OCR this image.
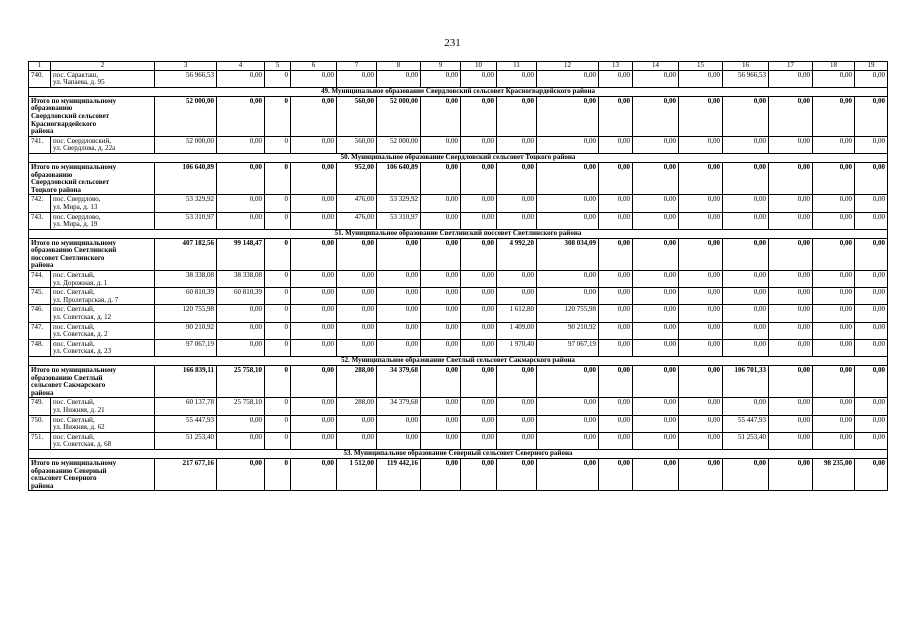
231
1	2	3	4	5	6	7	8	9	10	11	12	13	14	15	16	17	18	19
740.	пос. Саракташ,
ул. Чапаева, д. 95	56 966,53	0,00	0	0,00	0,00	0,00	0,00	0,00	0,00	0,00	0,00	0,00	0,00	56 966,53	0,00	0,00	0,00
49. Муниципальное образование Свердловский сельсовет Красногвардейского района																		

Итого по муниципальному
образованию
Свердловский сельсовет
Красногвардейского
района		52 000,00	0,00	0	0,00	560,00	52 000,00	0,00	0,00	0,00	0,00	0,00	0,00	0,00	0,00	0,00	0,00	0,00
741.	пос. Свердловский,
ул. Свердлова, д. 22а	52 000,00	0,00	0	0,00	560,00	52 000,00	0,00	0,00	0,00	0,00	0,00	0,00	0,00	0,00	0,00	0,00	0,00
50. Муниципальное образование Свердловский сельсовет Тоцкого района																		

Итого по муниципальному
образованию
Свердловский сельсовет
Тоцкого района		106 640,89	0,00	0	0,00	952,00	106 640,89	0,00	0,00	0,00	0,00	0,00	0,00	0,00	0,00	0,00	0,00	0,00
742.	пос. Свердлово,
ул. Мира, д. 13	53 329,92	0,00	0	0,00	476,00	53 329,92	0,00	0,00	0,00	0,00	0,00	0,00	0,00	0,00	0,00	0,00	0,00
743.	пос. Свердлово,
ул. Мира, д. 19	53 310,97	0,00	0	0,00	476,00	53 310,97	0,00	0,00	0,00	0,00	0,00	0,00	0,00	0,00	0,00	0,00	0,00
51. Муниципальное образование Светлинский поссовет Светлинского района																		

Итого по муниципальному
образованию Светлинский
поссовет Светлинского
района		407 182,56	99 148,47	0	0,00	0,00	0,00	0,00	0,00	4 992,20	308 034,09	0,00	0,00	0,00	0,00	0,00	0,00	0,00
744.	пос. Светлый,
ул. Дорожная, д. 1	38 338,08	38 338,08	0	0,00	0,00	0,00	0,00	0,00	0,00	0,00	0,00	0,00	0,00	0,00	0,00	0,00	0,00
745.	пос. Светлый,
ул. Пролетарская, д. 7	60 810,39	60 810,39	0	0,00	0,00	0,00	0,00	0,00	0,00	0,00	0,00	0,00	0,00	0,00	0,00	0,00	0,00
746.	пос. Светлый,
ул. Советская, д. 12	120 755,98	0,00	0	0,00	0,00	0,00	0,00	0,00	1 612,80	120 755,98	0,00	0,00	0,00	0,00	0,00	0,00	0,00
747.	пос. Светлый,
ул. Советская, д. 2	90 210,92	0,00	0	0,00	0,00	0,00	0,00	0,00	1 409,00	90 210,92	0,00	0,00	0,00	0,00	0,00	0,00	0,00
748.	пос. Светлый,
ул. Советская, д. 23	97 067,19	0,00	0	0,00	0,00	0,00	0,00	0,00	1 970,40	97 067,19	0,00	0,00	0,00	0,00	0,00	0,00	0,00
52. Муниципальное образование Светлый сельсовет Сакмарского района																		

Итого по муниципальному
образованию Светлый
сельсовет Сакмарского
района		166 839,11	25 758,10	0	0,00	288,00	34 379,68	0,00	0,00	0,00	0,00	0,00	0,00	0,00	106 701,33	0,00	0,00	0,00
749.	пос. Светлый,
ул. Нижняя, д. 21	60 137,78	25 758,10	0	0,00	288,00	34 379,68	0,00	0,00	0,00	0,00	0,00	0,00	0,00	0,00	0,00	0,00	0,00
750.	пос. Светлый,
ул. Нижняя, д. 62	55 447,93	0,00	0	0,00	0,00	0,00	0,00	0,00	0,00	0,00	0,00	0,00	0,00	55 447,93	0,00	0,00	0,00
751.	пос. Светлый,
ул. Советская, д. 68	51 253,40	0,00	0	0,00	0,00	0,00	0,00	0,00	0,00	0,00	0,00	0,00	0,00	51 253,40	0,00	0,00	0,00
53. Муниципальное образование Северный сельсовет Северного района																		

Итого по муниципальному
образованию Северный
сельсовет Северного
района		217 677,16	0,00	0	0,00	1 512,00	119 442,16	0,00	0,00	0,00	0,00	0,00	0,00	0,00	0,00	0,00	98 235,00	0,00
